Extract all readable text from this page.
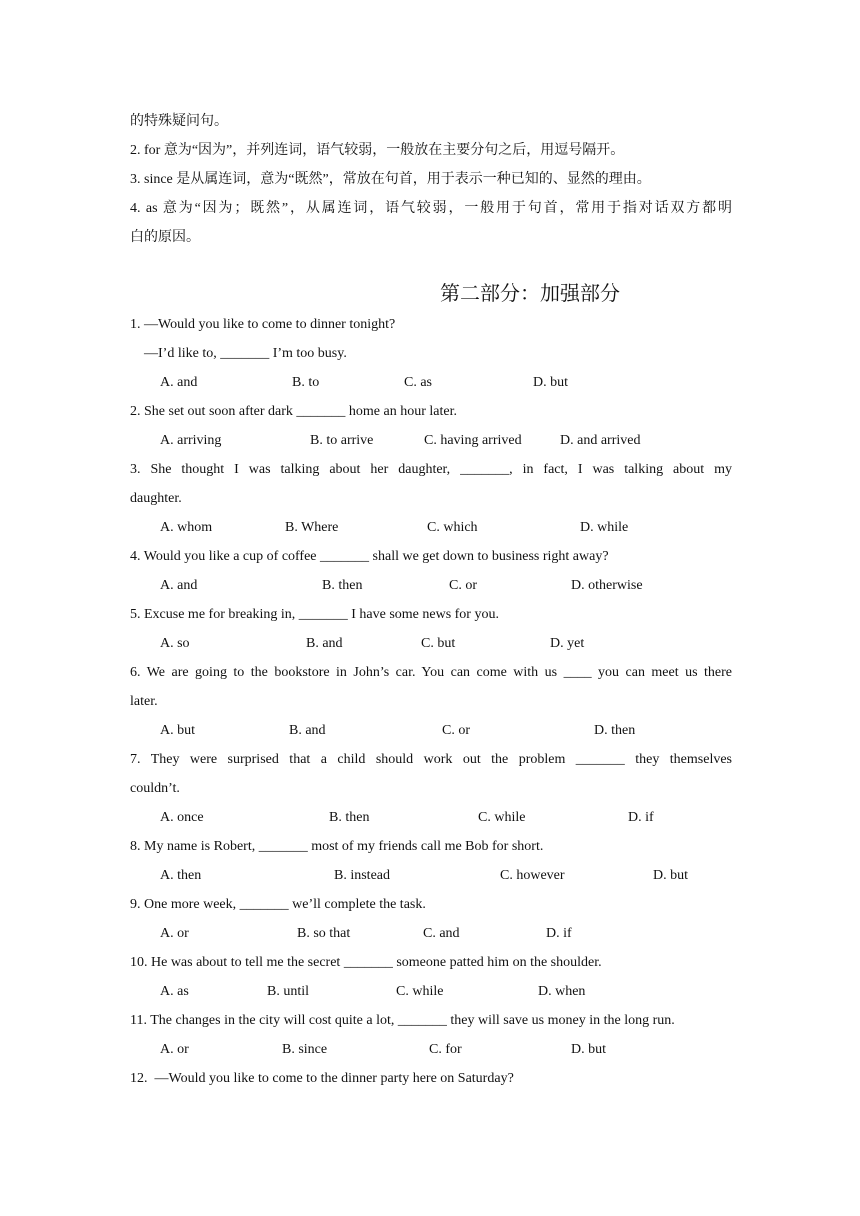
的特殊疑问句。
2. for 意为“因为”，并列连词，语气较弱，一般放在主要分句之后，用逗号隔开。
3. since 是从属连词，意为“既然”，常放在句首，用于表示一种已知的、显然的理由。
4. as 意为“因为；既然”，从属连词，语气较弱，一般用于句首，常用于指对话双方都明
白的原因。
第二部分：加强部分
1. —Would you like to come to dinner tonight?
—I’d like to, _______ I’m too busy.
A. and	B. to	C. as	D. but
2. She set out soon after dark _______ home an hour later.
A. arriving	B. to arrive	C. having arrived	D. and arrived
3. She thought I was talking about her daughter, _______, in fact, I was talking about my
daughter.
A. whom	B. Where	C. which	D. while
4. Would you like a cup of coffee _______ shall we get down to business right away?
A. and	B. then	C. or	D. otherwise
5. Excuse me for breaking in, _______ I have some news for you.
A. so	B. and	C. but	D. yet
6. We are going to the bookstore in John’s car. You can come with us ____ you can meet us there
later.
A. but	B. and	C. or	D. then
7. They were surprised that a child should work out the problem _______ they themselves
couldn’t.
A. once	B. then	C. while	D. if
8. My name is Robert, _______ most of my friends call me Bob for short.
A. then	B. instead	C. however	D. but
9. One more week, _______ we’ll complete the task.
A. or	B. so that	C. and	D. if
10. He was about to tell me the secret _______ someone patted him on the shoulder.
A. as	B. until	C. while	D. when
11. The changes in the city will cost quite a lot, _______ they will save us money in the long run.
A. or	B. since	C. for	D. but
12.  —Would you like to come to the dinner party here on Saturday?
